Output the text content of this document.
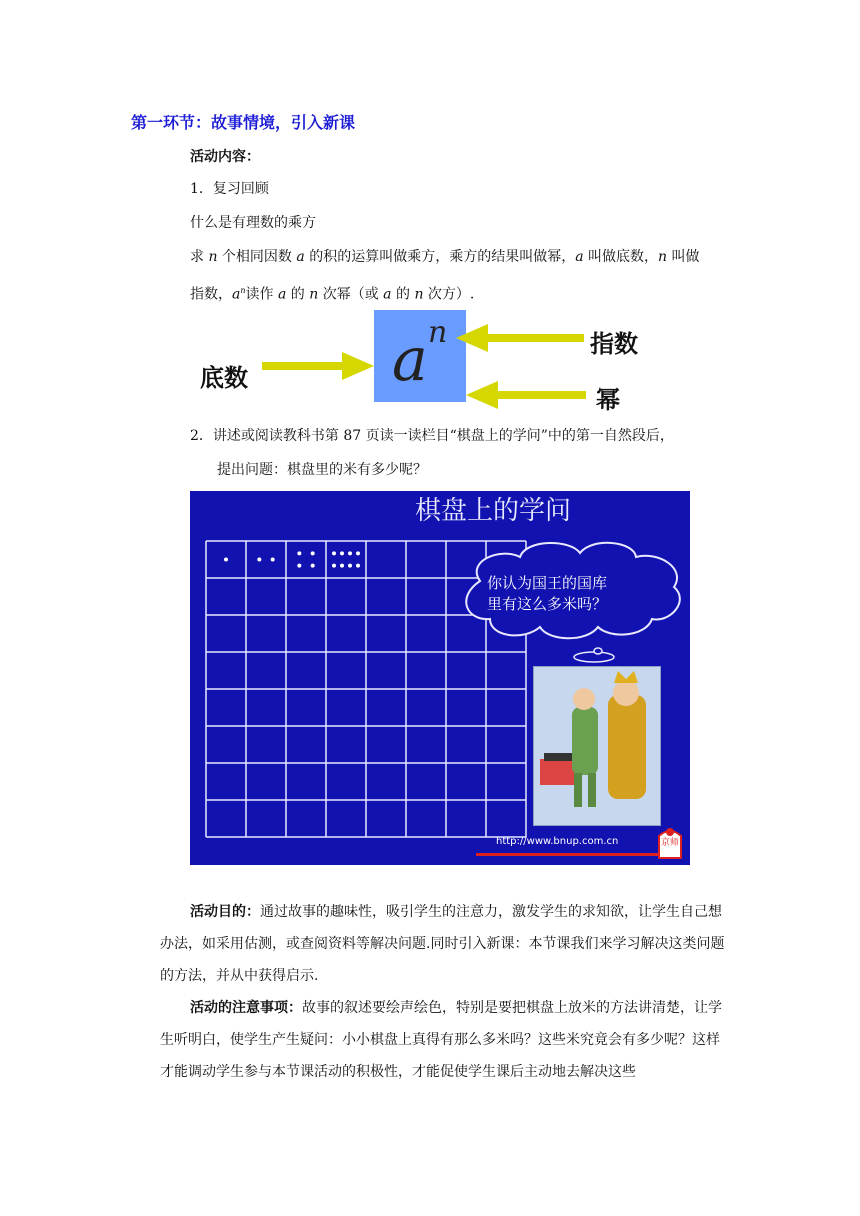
第一环节：故事情境，引入新课
活动内容：
1．复习回顾
什么是有理数的乘方
求 n 个相同因数 a 的积的运算叫做乘方，乘方的结果叫做幂，a 叫做底数，n 叫做
指数，$a^n$读作 a 的 n 次幂（或 a 的 n 次方）.
a n	指数
底数
幂
2．讲述或阅读教科书第 87 页读一读栏目“棋盘上的学问”中的第一自然段后，
提出问题：棋盘里的米有多少呢？
棋盘上的学问
你认为国王的国库
里有这么多米吗？
http://www.bnup.com.cn	京师
活动目的：通过故事的趣味性，吸引学生的注意力，激发学生的求知欲，让学生自己想办法，如采用估测，或查阅资料等解决问题.同时引入新课：本节课我们来学习解决这类问题的方法，并从中获得启示.
活动的注意事项：故事的叙述要绘声绘色，特别是要把棋盘上放米的方法讲清楚，让学生听明白，使学生产生疑问：小小棋盘上真得有那么多米吗？这些米究竟会有多少呢？这样才能调动学生参与本节课活动的积极性，才能促使学生课后主动地去解决这些
